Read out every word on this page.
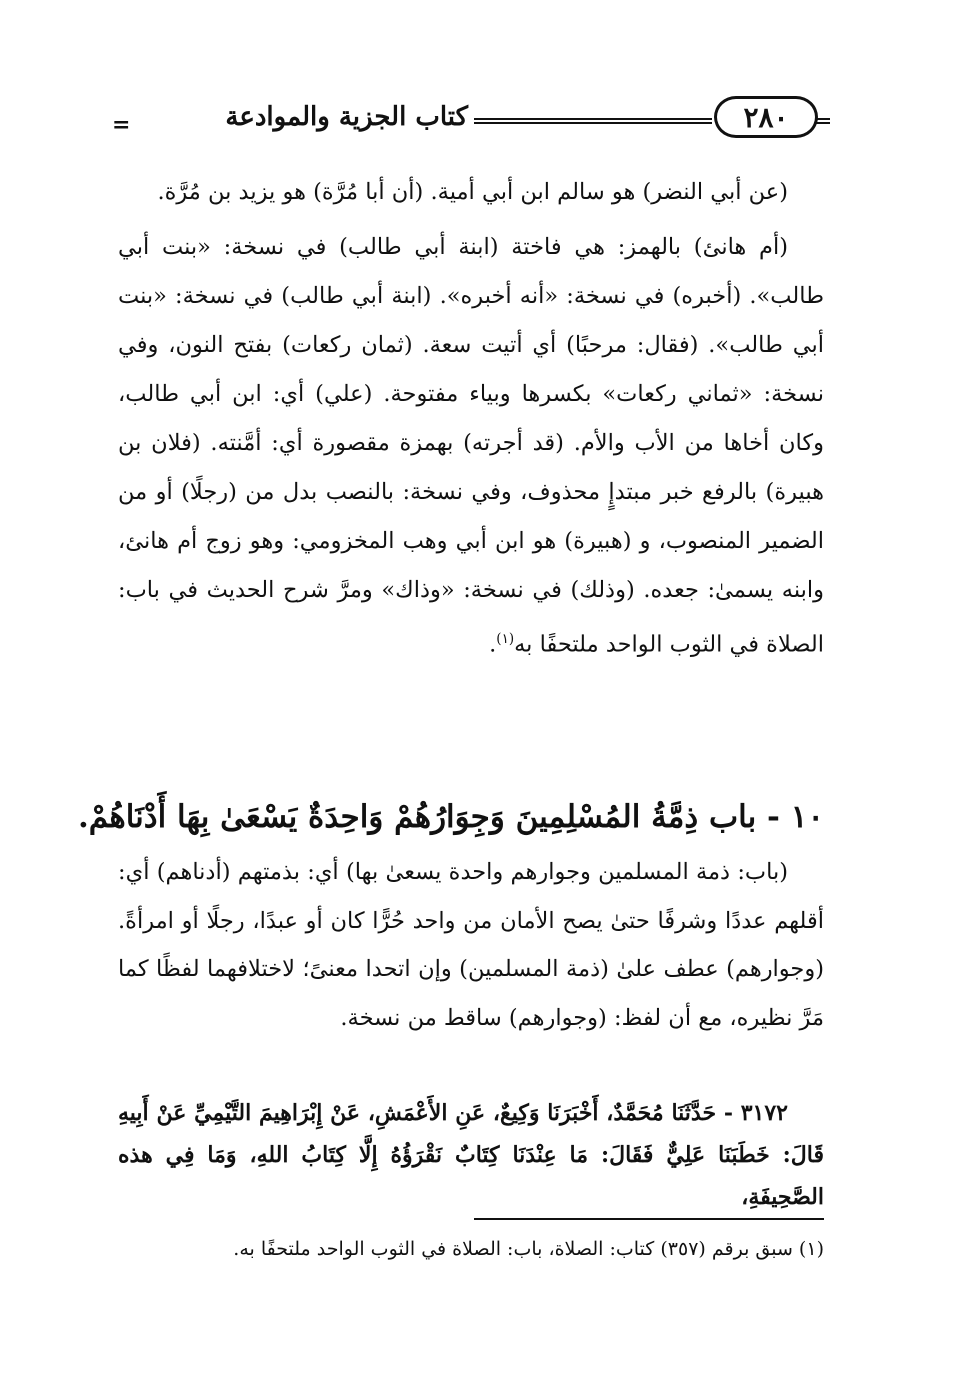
٢٨٠
كتاب الجزية والموادعة
=

(عن أبي النضر) هو سالم ابن أبي أمية. (أن أبا مُرَّة) هو يزيد بن مُرَّة.

(أم هانئ) بالهمز: هي فاختة (ابنة أبي طالب) في نسخة: «بنت أبي طالب». (أخبره) في نسخة: «أنه أخبره». (ابنة أبي طالب) في نسخة: «بنت أبي طالب». (فقال: مرحبًا) أي أتيت سعة. (ثمان ركعات) بفتح النون، وفي نسخة: «ثماني ركعات» بكسرها وبياء مفتوحة. (علي) أي: ابن أبي طالب، وكان أخاها من الأب والأم. (قد أجرته) بهمزة مقصورة أي: أمَّنته. (فلان بن هبيرة) بالرفع خبر مبتدإٍ محذوف، وفي نسخة: بالنصب بدل من (رجلًا) أو من الضمير المنصوب، و (هبيرة) هو ابن أبي وهب المخزومي: وهو زوج أم هانئ، وابنه يسمىٰ: جعده. (وذلك) في نسخة: «وذاك» ومرَّ شرح الحديث في باب: الصلاة في الثوب الواحد ملتحفًا به$^{(١)}$.

١٠ - باب ذِمَّةُ المُسْلِمِينَ وَجِوَارُهُمْ وَاحِدَةٌ يَسْعَىٰ بِهَا أَدْنَاهُمْ.

(باب: ذمة المسلمين وجوارهم واحدة يسعىٰ بها) أي: بذمتهم (أدناهم) أي: أقلهم عددًا وشرفًا حتىٰ يصح الأمان من واحد حُرًّا كان أو عبدًا، رجلًا أو امرأةً. (وجوارهم) عطف علىٰ (ذمة المسلمين) وإن اتحدا معنىً؛ لاختلافهما لفظًا كما مَرَّ نظيره، مع أن لفظ: (وجوارهم) ساقط من نسخة.

٣١٧٢ - حَدَّثَنَا مُحَمَّدٌ، أَخْبَرَنَا وَكِيعٌ، عَنِ الأَعْمَشِ، عَنْ إِبْرَاهِيمَ التَّيْمِيِّ عَنْ أَبِيهِ قَالَ: خَطَبَنَا عَلِيٌّ فَقَالَ: مَا عِنْدَنَا كِتَابٌ نَقْرَؤُهُ إِلَّا كِتَابُ اللهِ، وَمَا فِي هذه الصَّحِيفَةِ،
(١) سبق برقم (٣٥٧) كتاب: الصلاة، باب: الصلاة في الثوب الواحد ملتحفًا به.
